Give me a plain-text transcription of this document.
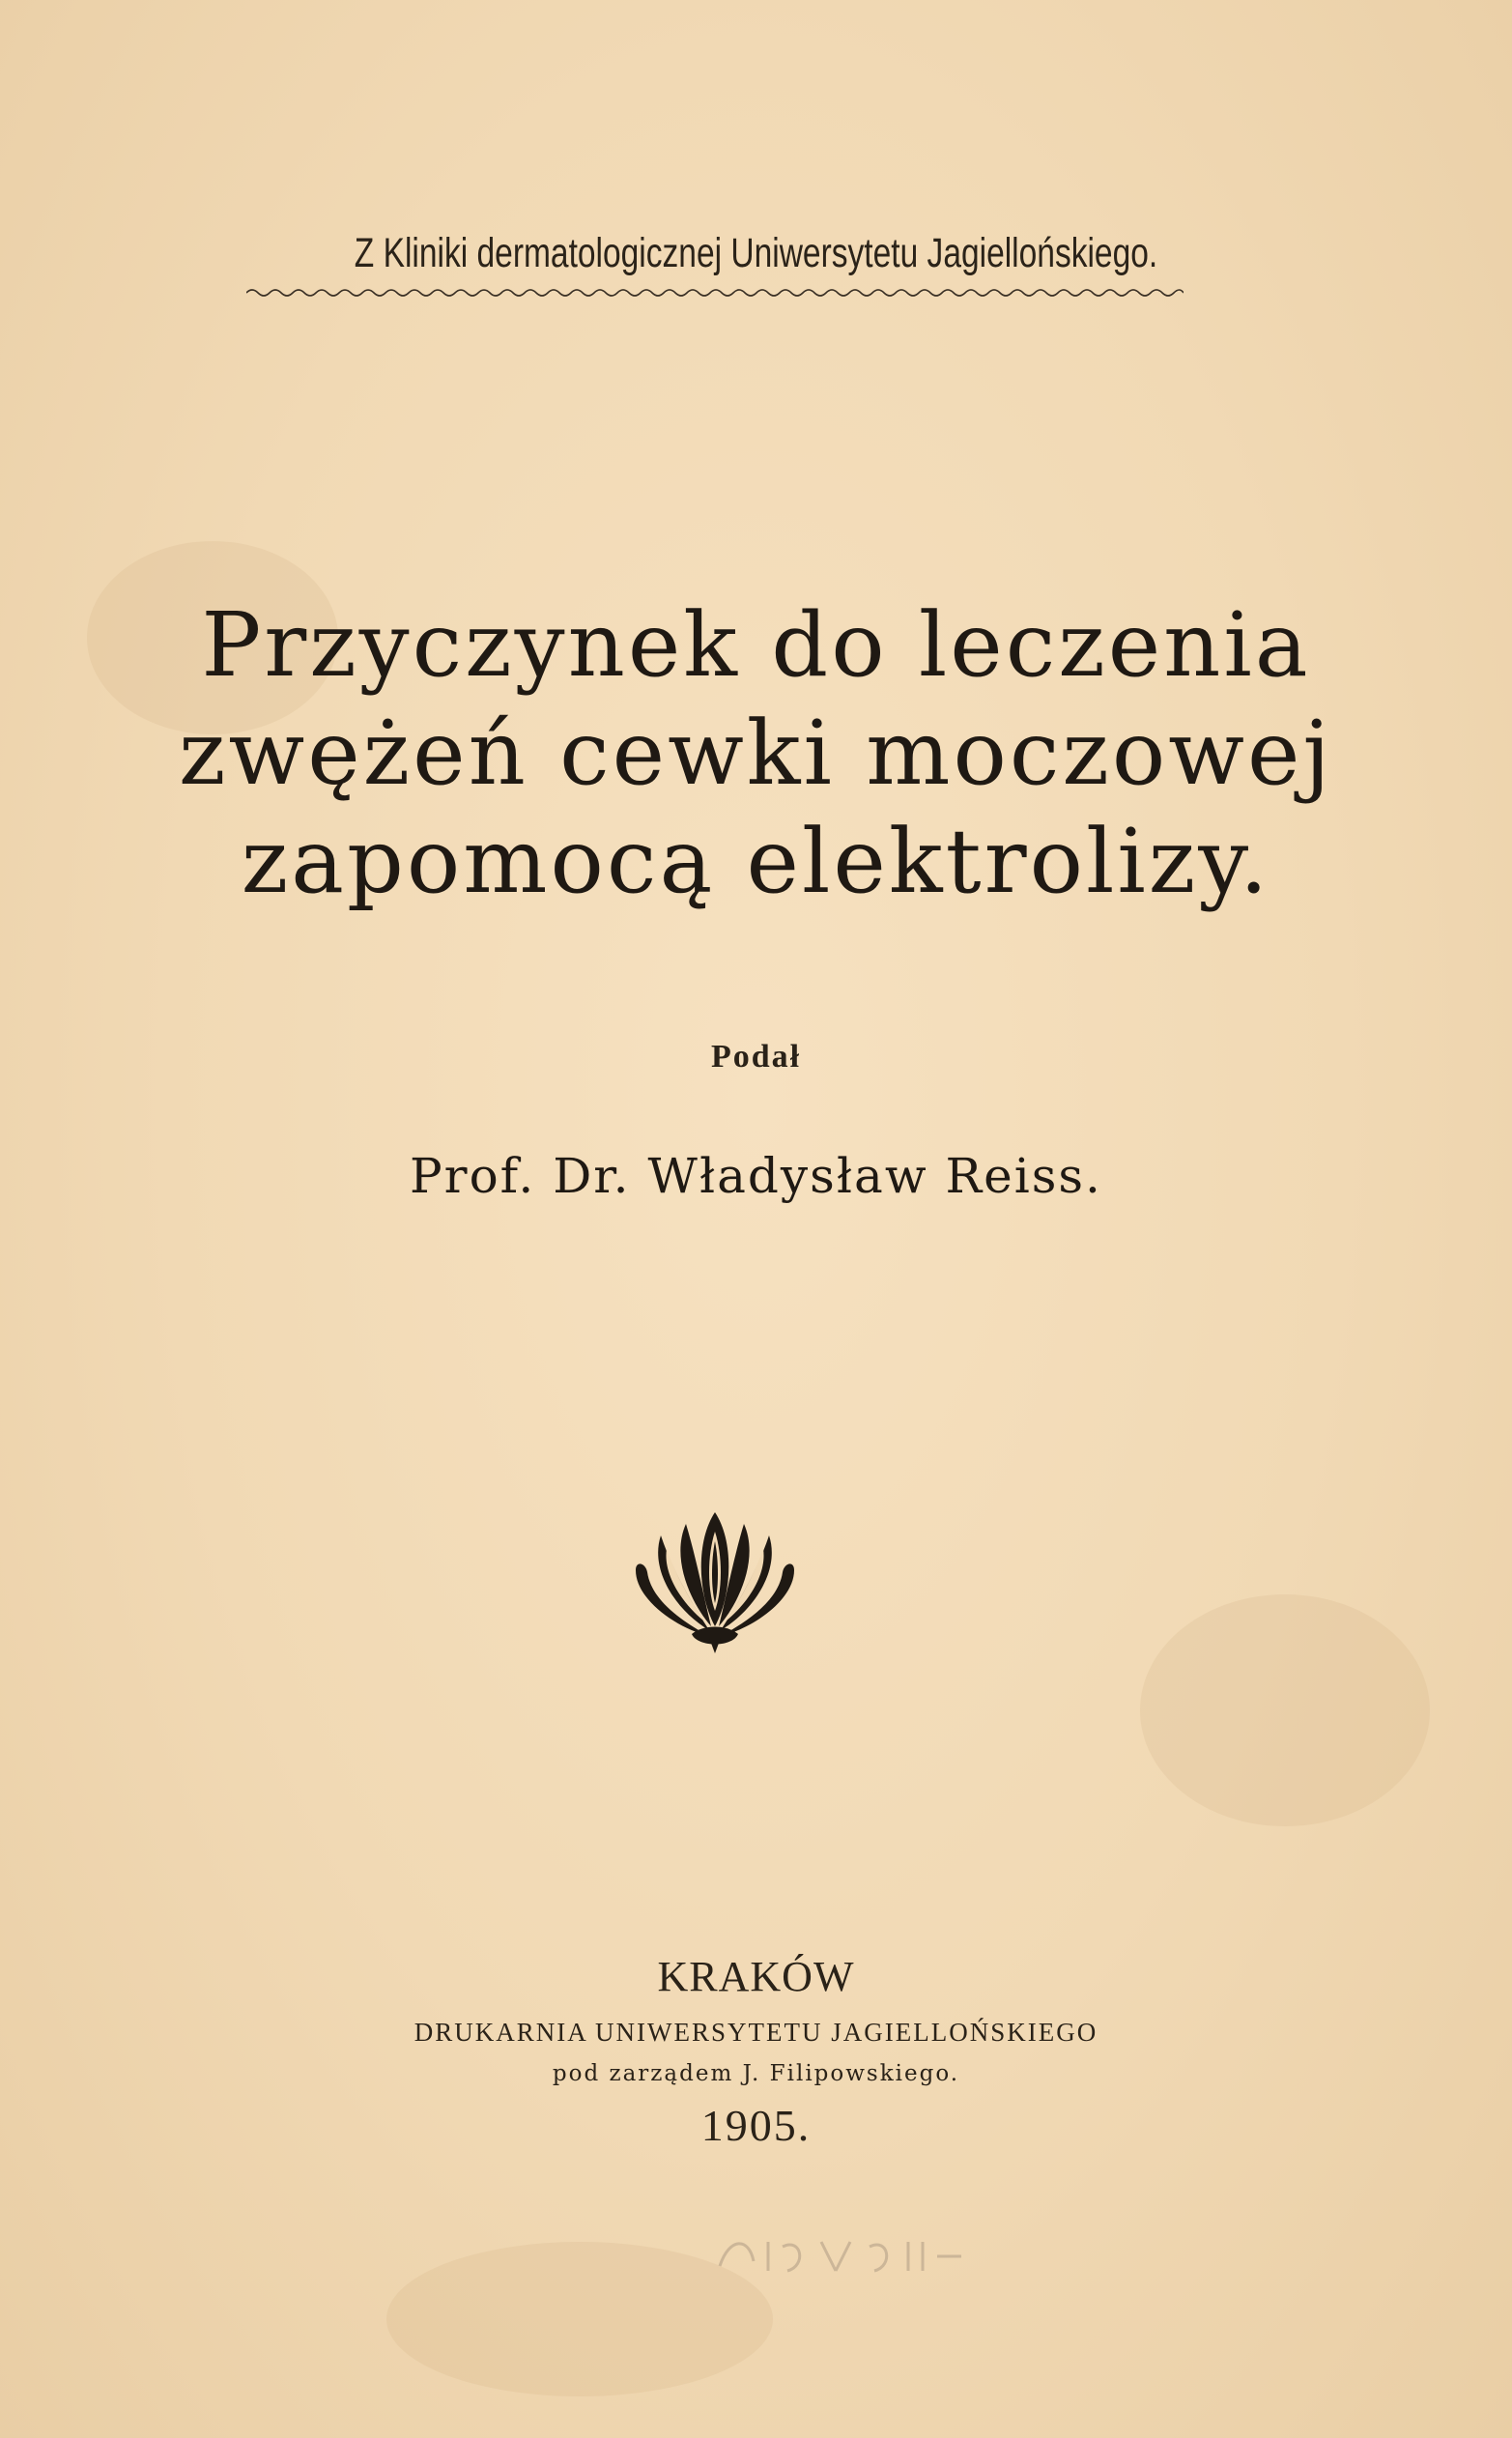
Z Kliniki dermatologicznej Uniwersytetu Jagiellońskiego.
Przyczynek do leczenia
zwężeń cewki moczowej
zapomocą elektrolizy.
Podał
Prof. Dr. Władysław Reiss.
KRAKÓW
DRUKARNIA UNIWERSYTETU JAGIELLOŃSKIEGO
pod zarządem J. Filipowskiego.
1905.
